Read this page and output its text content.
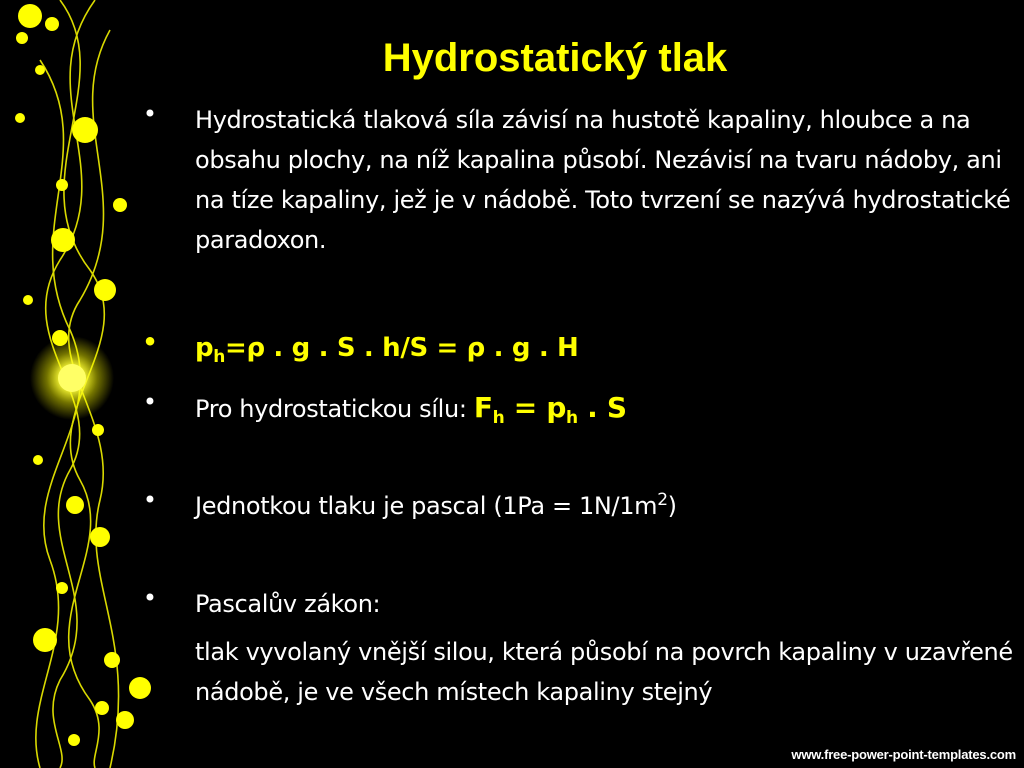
Hydrostatický tlak
• Hydrostatická tlaková síla závisí na hustotě kapaliny, hloubce a na obsahu plochy, na níž kapalina působí. Nezávisí na tvaru nádoby, ani na tíze kapaliny, jež je v nádobě. Toto tvrzení se nazývá hydrostatické paradoxon.
• $p_h=\rho$ . g . S . h/S = ρ . g . H
• Pro hydrostatickou sílu: $F_h = p_h$ . S
• Jednotkou tlaku je pascal $(1Pa = 1N/1m^2)$
• Pascalův zákon:
tlak vyvolaný vnější silou, která působí na povrch kapaliny v uzavřené nádobě, je ve všech místech kapaliny stejný
www.free-power-point-templates.com
